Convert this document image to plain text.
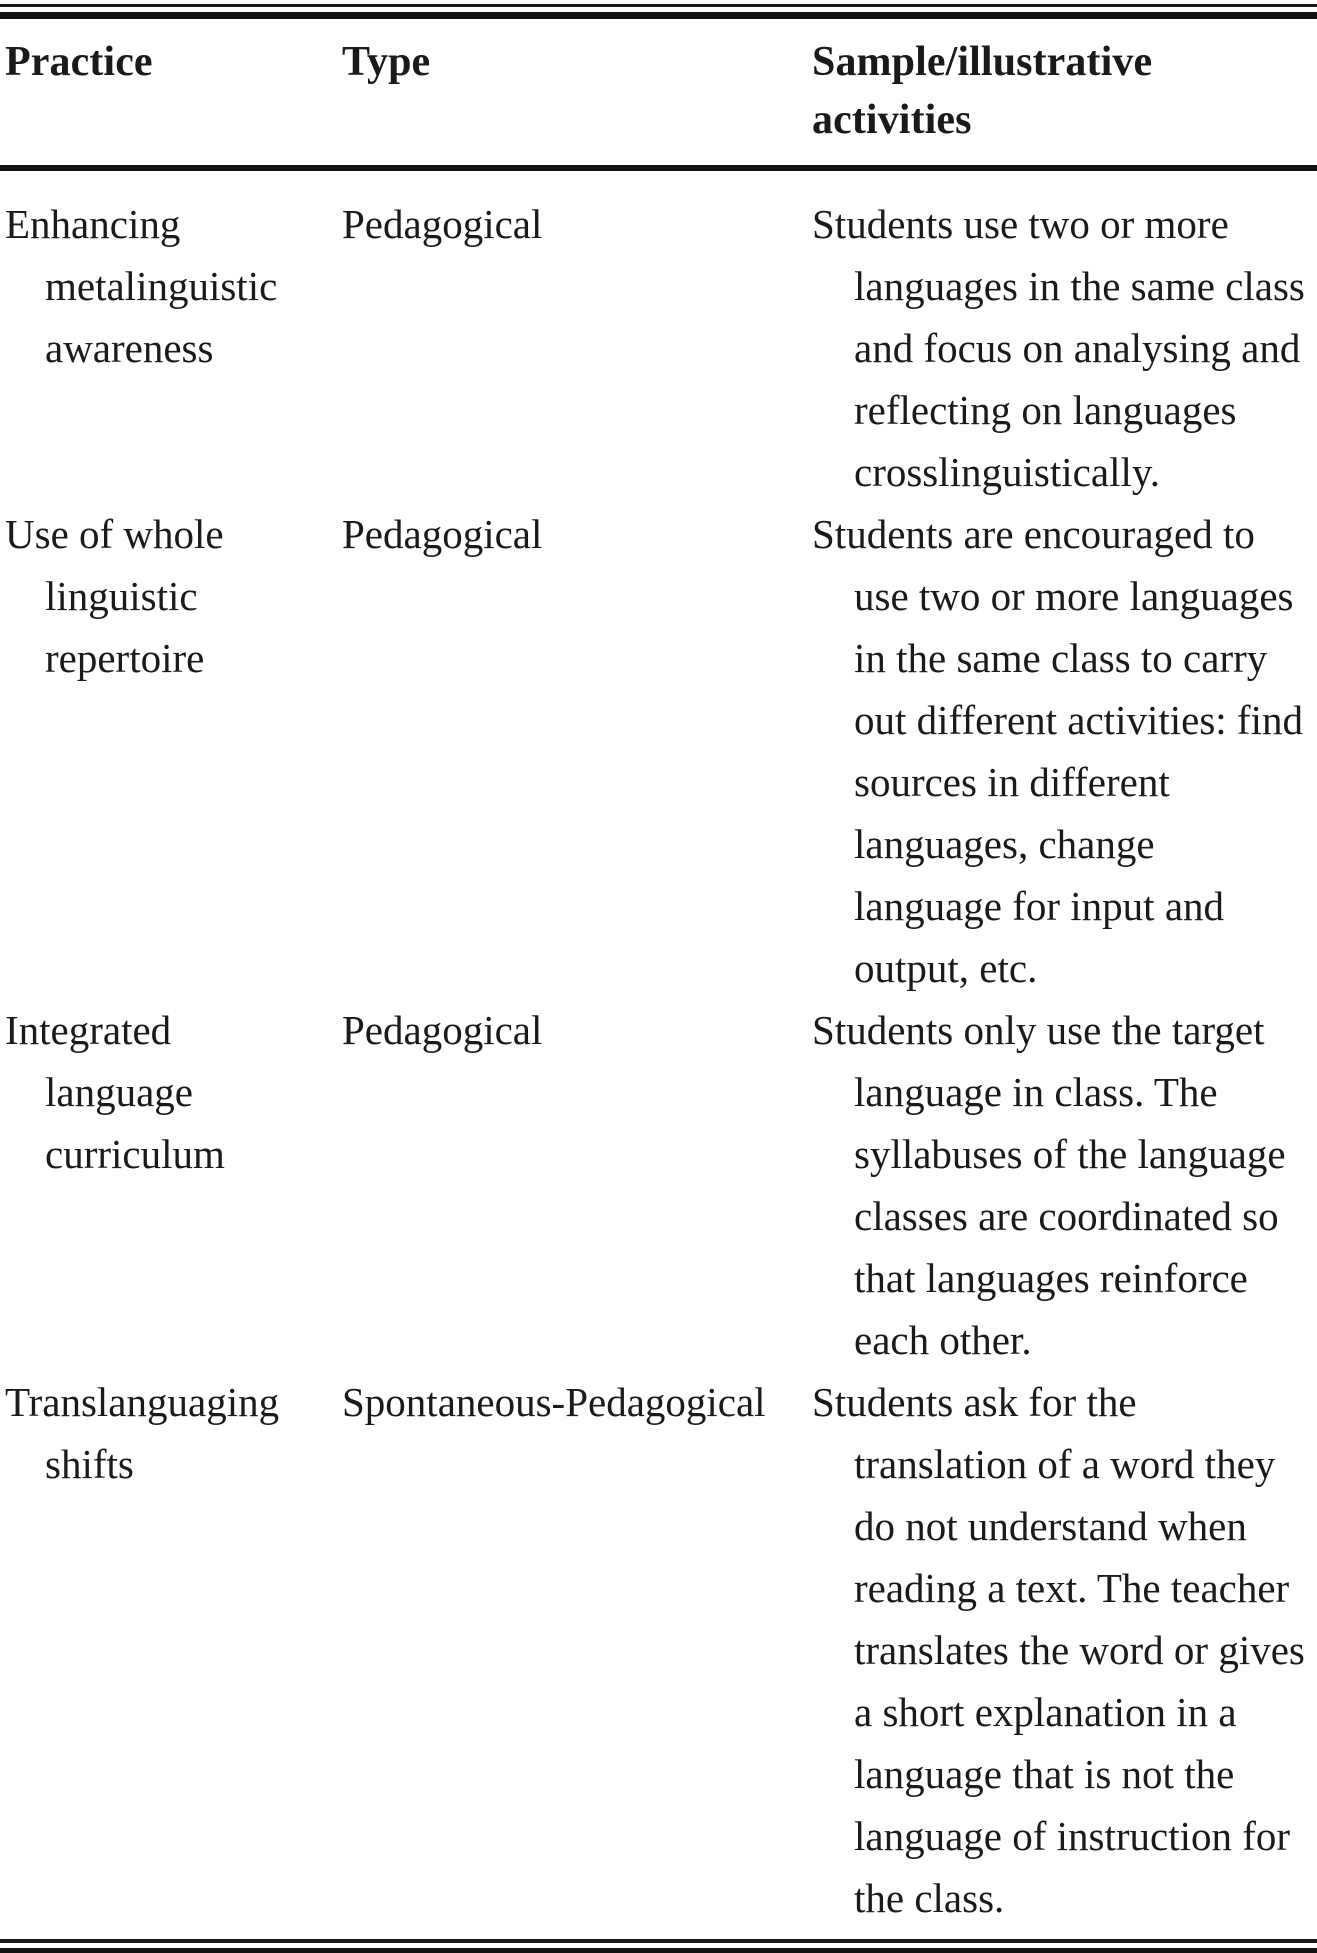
Practice	Type	Sample/illustrative activities
Enhancing metalinguistic awareness	Pedagogical	Students use two or more languages in the same class and focus on analysing and reflecting on languages crosslinguistically.
Use of whole linguistic repertoire	Pedagogical	Students are encouraged to use two or more languages in the same class to carry out different activities: find sources in different languages, change language for input and output, etc.
Integrated language curriculum	Pedagogical	Students only use the target language in class. The syllabuses of the language classes are coordinated so that languages reinforce each other.
Translanguaging shifts	Spontaneous-Pedagogical	Students ask for the translation of a word they do not understand when reading a text. The teacher translates the word or gives a short explanation in a language that is not the language of instruction for the class.
